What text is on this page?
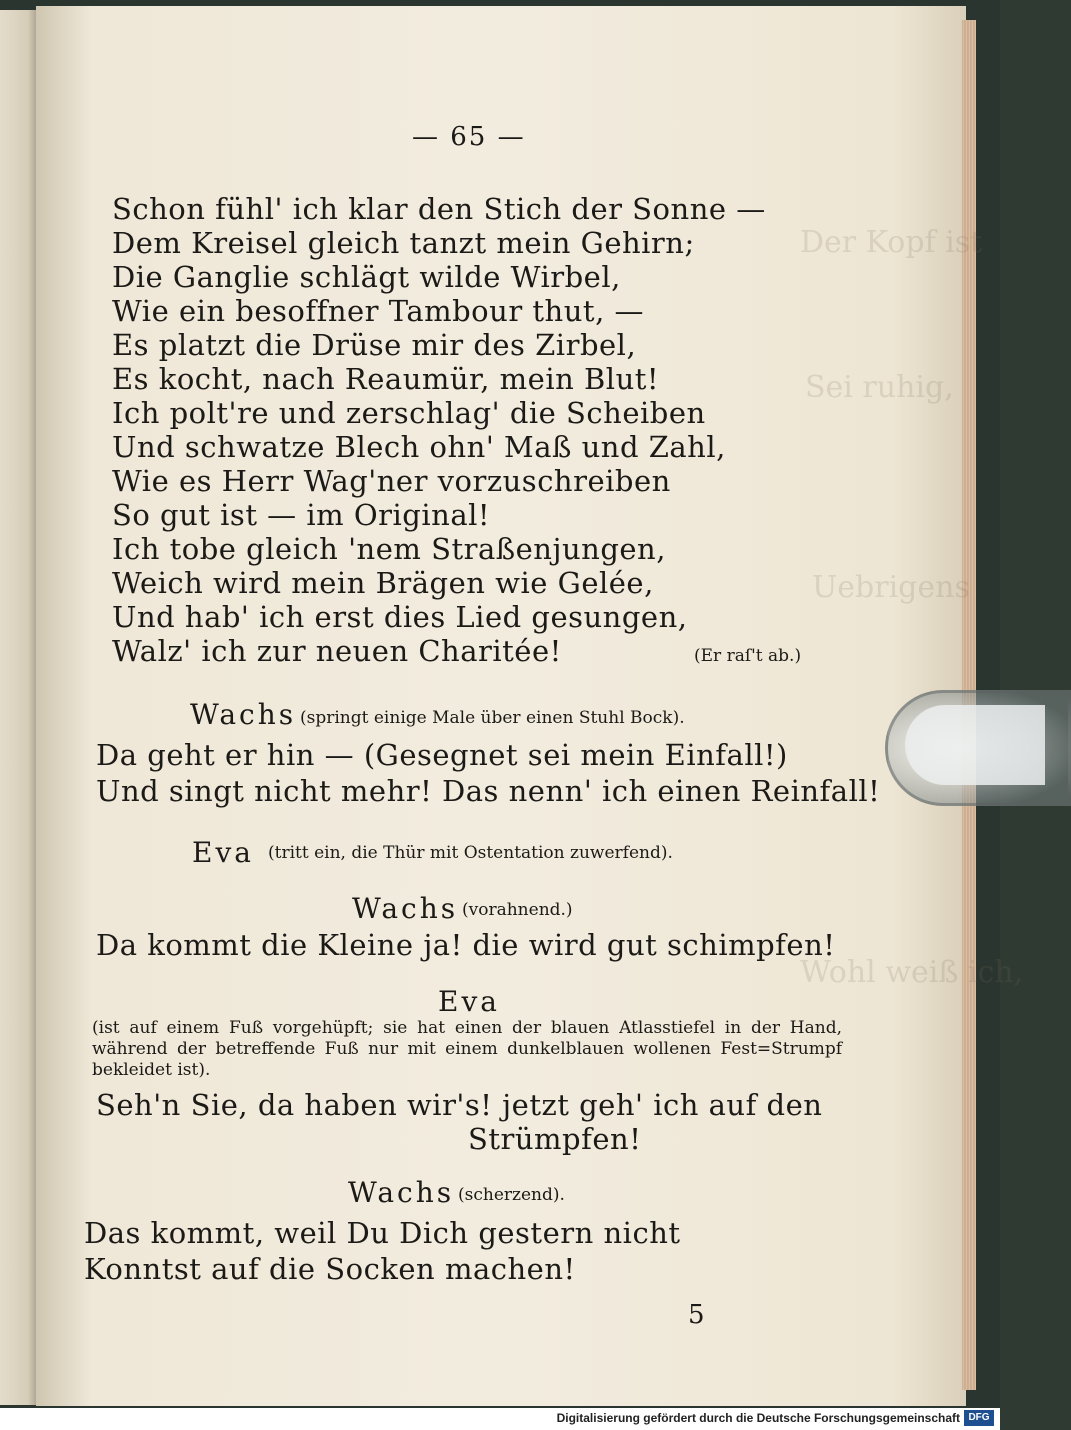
Der Kopf ist
Sei ruhig,
Uebrigens
Wohl weiß ich,
— 65 —
Schon fühl' ich klar den Stich der Sonne —
Dem Kreisel gleich tanzt mein Gehirn;
Die Ganglie schlägt wilde Wirbel,
Wie ein besoffner Tambour thut, —
Es platzt die Drüse mir des Zirbel,
Es kocht, nach Reaumür, mein Blut!
Ich polt're und zerschlag' die Scheiben
Und schwatze Blech ohn' Maß und Zahl,
Wie es Herr Wag'ner vorzuschreiben
So gut ist — im Original!
Ich tobe gleich 'nem Straßenjungen,
Weich wird mein Brägen wie Gelée,
Und hab' ich erst dies Lied gesungen,
Walz' ich zur neuen Charitée!	(Er raſ't ab.)
Wachs (springt einige Male über einen Stuhl Bock).
Da geht er hin — (Gesegnet sei mein Einfall!)
Und singt nicht mehr! Das nenn' ich einen Reinfall!
Eva (tritt ein, die Thür mit Ostentation zuwerfend).
Wachs (vorahnend.)
Da kommt die Kleine ja! die wird gut schimpfen!
Eva
(ist auf einem Fuß vorgehüpft; sie hat einen der blauen Atlasstiefel in der Hand, während der betreffende Fuß nur mit einem dunkelblauen wollenen Fest=Strumpf bekleidet ist).
Seh'n Sie, da haben wir's! jetzt geh' ich auf den
Strümpfen!
Wachs (scherzend).
Das kommt, weil Du Dich gestern nicht
Konntst auf die Socken machen!
5
Digitalisierung gefördert durch die Deutsche Forschungsgemeinschaft DFG
